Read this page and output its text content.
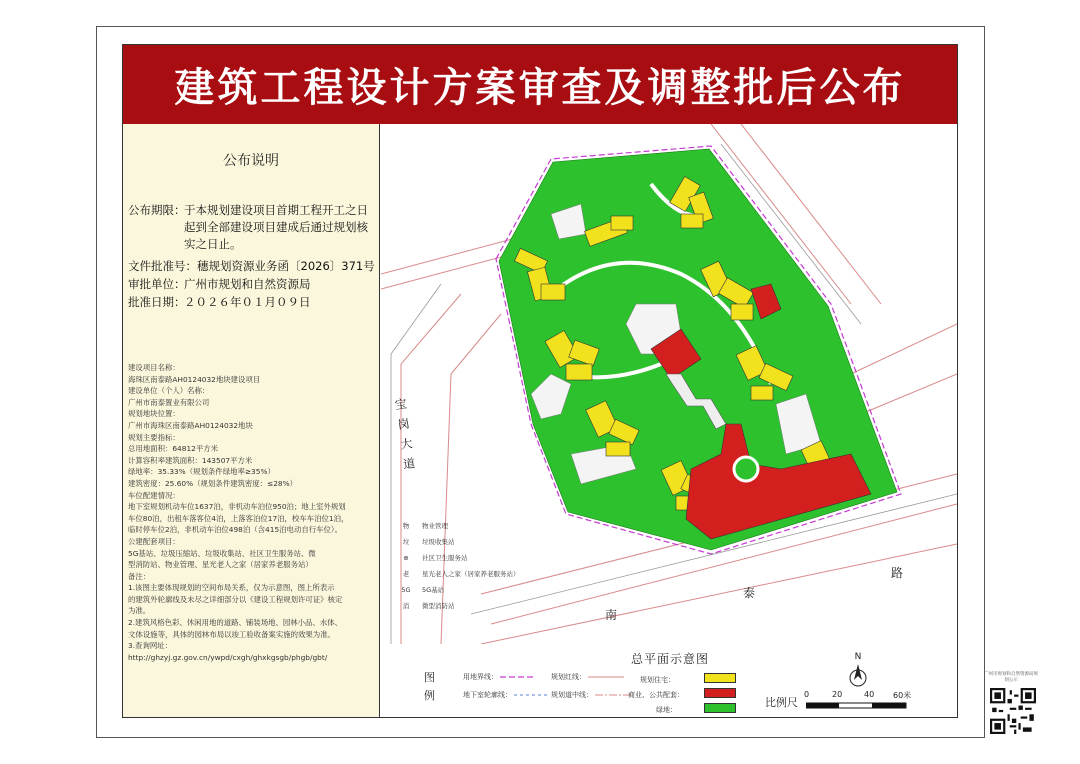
建筑工程设计方案审查及调整批后公布
公布说明
公布期限：
于本规划建设项目首期工程开工之日
起到全部建设项目建成后通过规划核
实之日止。
文件批准号： 穗规划资源业务函〔2026〕371号
审批单位：
广州市规划和自然资源局
批准日期：
２０２６年０１月０９日
建设项目名称：
海珠区南泰路AH0124032地块建设项目
建设单位（个人）名称：
广州市南泰置业有限公司
规划地块位置：
广州市海珠区南泰路AH0124032地块
规划主要指标：
总用地面积：64812平方米
计算容积率建筑面积：143507平方米
绿地率：35.33%（规划条件绿地率≥35%）
建筑密度：25.60%（规划条件建筑密度：≤28%）
车位配建情况：
地下室规划机动车位1637泊，非机动车泊位950泊；地上室外规划
车位80泊，出租车落客位4泊，上落客泊位17泊，校车车泊位1泊，
临时停车位2泊，非机动车泊位498泊（含415泊电动自行车位）。
公建配套项目：
5G基站、垃圾压缩站、垃圾收集站、社区卫生服务站、微
型消防站、物业管理、星光老人之家（居家养老服务站）
备注：
1.该图主要体现规划的空间布局关系，仅为示意图，图上所表示
的建筑外轮廓线及未尽之详细部分以《建设工程规划许可证》核定
为准。
2.建筑风格色彩、休闲用地的道路、铺装场地、园林小品、水体、
文体设施等，具体的园林布局以竣工验收备案实施的效果为准。
3.查询网址：
http://ghzyj.gz.gov.cn/ywpd/cxgh/ghxkgsgb/phgb/gbt/
宝岗大道
南
泰
路
物 物业管理
垃 垃圾收集站
⊕ 社区卫生服务站
老 星光老人之家（居家养老服务站）
5G 5G基站
消 微型消防站
总平面示意图	N
图
例
用地界线：
地下室轮廓线：
规划红线：
规划道中线：
规划住宅：
商业、公共配套：
绿地：
比例尺
0	20	40 60米
广州市规划和自然资源局规划公示
